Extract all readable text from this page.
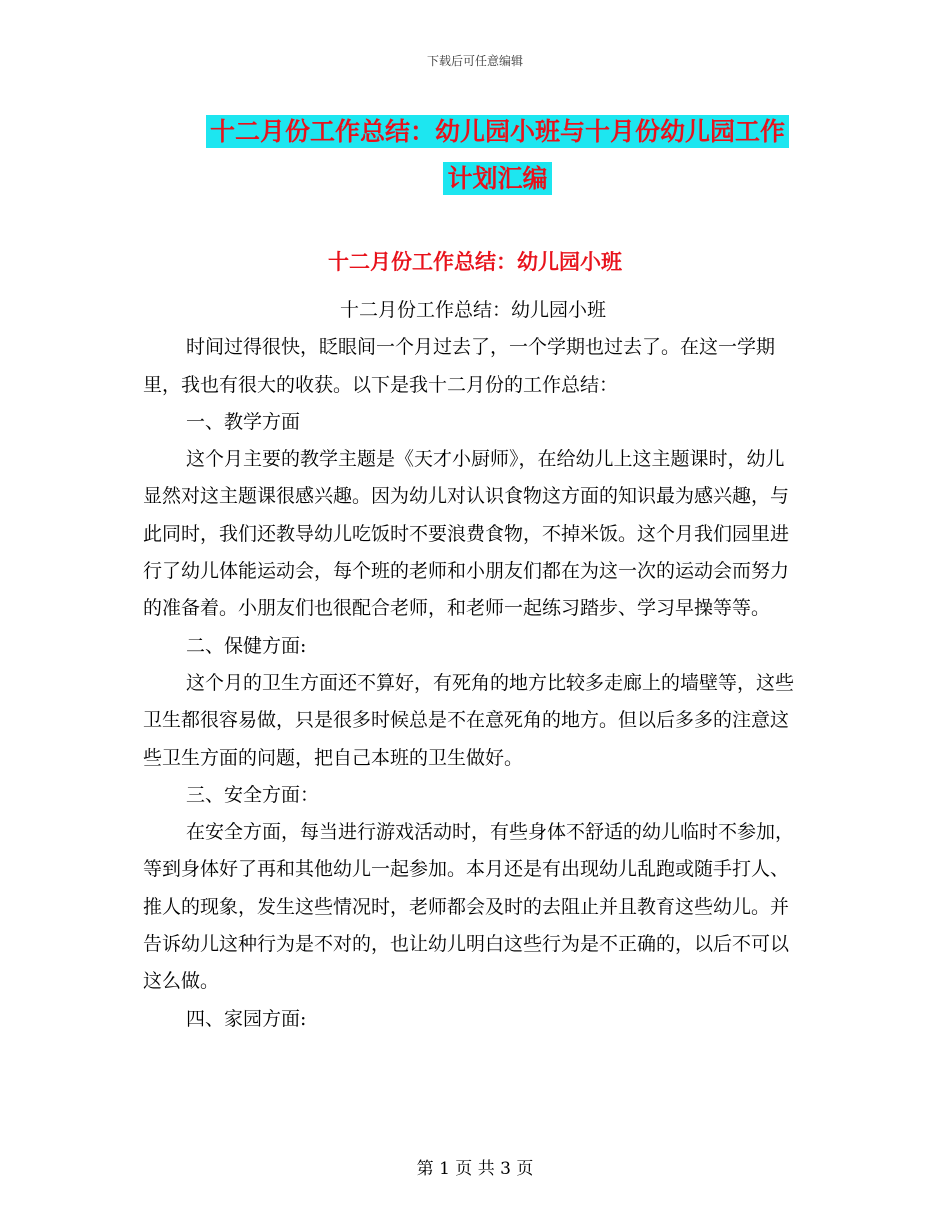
下载后可任意编辑
十二月份工作总结：幼儿园小班与十月份幼儿园工作
计划汇编
十二月份工作总结：幼儿园小班

十二月份工作总结：幼儿园小班

时间过得很快，眨眼间一个月过去了，一个学期也过去了。在这一学期里，我也有很大的收获。以下是我十二月份的工作总结：

一、教学方面

这个月主要的教学主题是《天才小厨师》，在给幼儿上这主题课时，幼儿显然对这主题课很感兴趣。因为幼儿对认识食物这方面的知识最为感兴趣，与此同时，我们还教导幼儿吃饭时不要浪费食物，不掉米饭。这个月我们园里进行了幼儿体能运动会，每个班的老师和小朋友们都在为这一次的运动会而努力的准备着。小朋友们也很配合老师，和老师一起练习踏步、学习早操等等。

二、保健方面:

这个月的卫生方面还不算好，有死角的地方比较多走廊上的墙壁等，这些卫生都很容易做，只是很多时候总是不在意死角的地方。但以后多多的注意这些卫生方面的问题，把自己本班的卫生做好。

三、安全方面：

在安全方面，每当进行游戏活动时，有些身体不舒适的幼儿临时不参加，等到身体好了再和其他幼儿一起参加。本月还是有出现幼儿乱跑或随手打人、推人的现象，发生这些情况时，老师都会及时的去阻止并且教育这些幼儿。并告诉幼儿这种行为是不对的，也让幼儿明白这些行为是不正确的，以后不可以这么做。

四、家园方面:

第 1 页 共 3 页
